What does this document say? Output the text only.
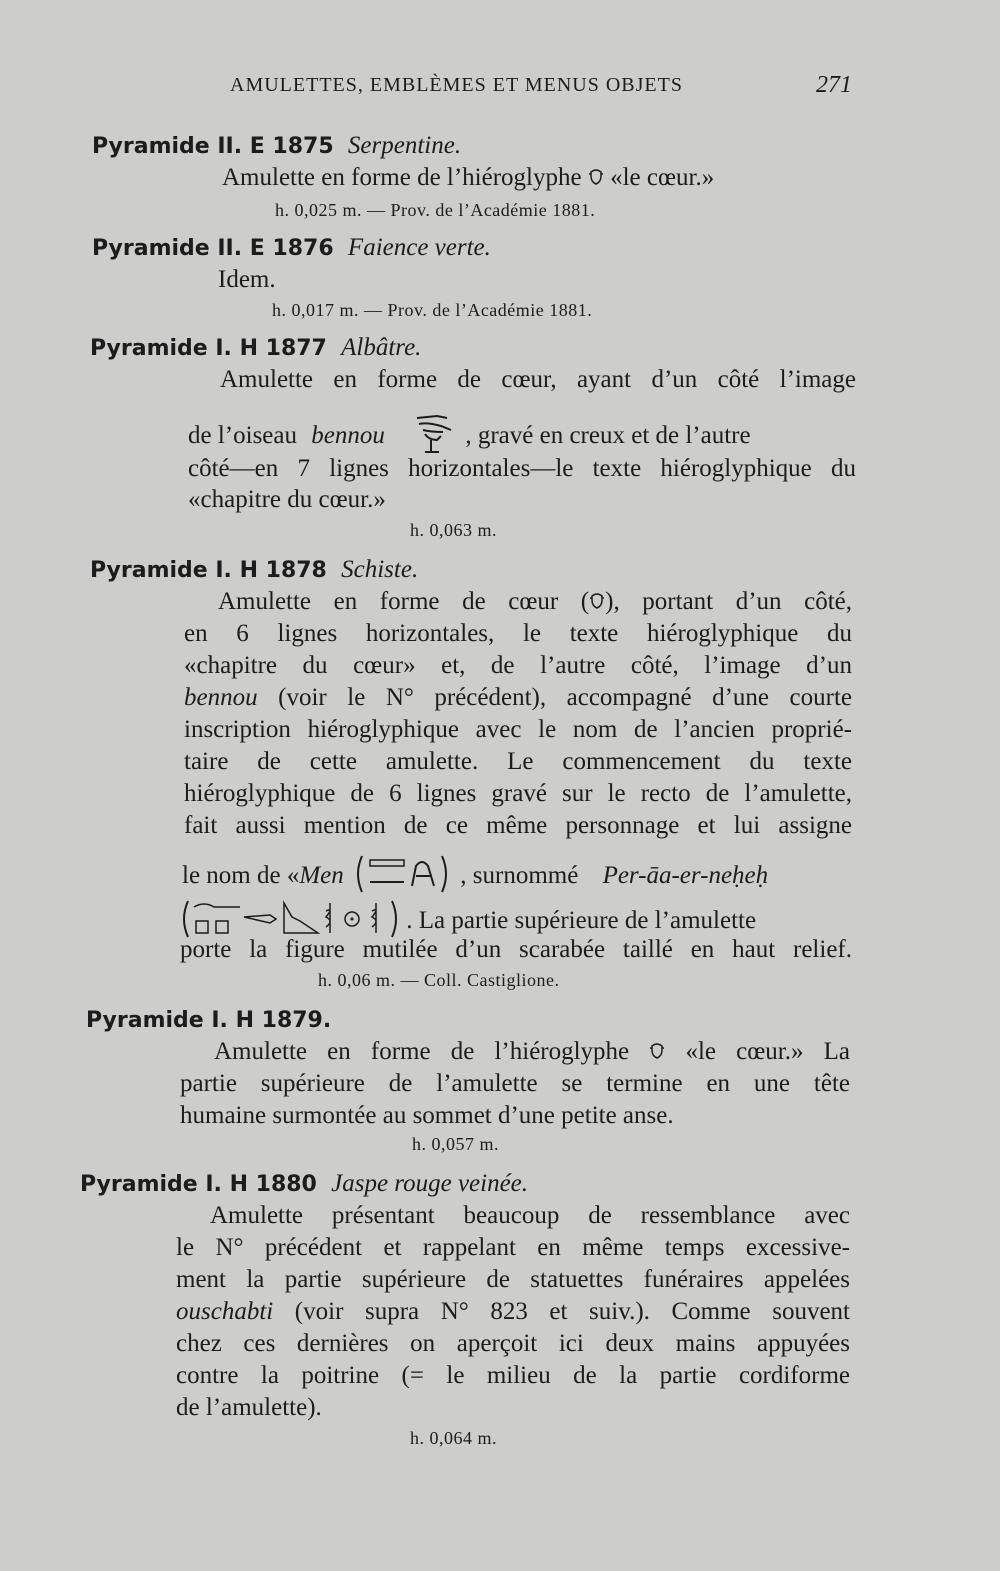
AMULETTES, EMBLÈMES ET MENUS OBJETS	271
Pyramide II. E 1875 Serpentine.
Amulette en forme de l’hiéroglyphe «le cœur.»
h. 0,025 m. — Prov. de l’Académie 1881.
Pyramide II. E 1876 Faience verte.
Idem.
h. 0,017 m. — Prov. de l’Académie 1881.
Pyramide I. H 1877 Albâtre.
Amulette en forme de cœur, ayant d’un côté l’image
de l’oiseau bennou	, gravé en creux et de l’autre
côté—en 7 lignes horizontales—le texte hiéroglyphique du
«chapitre du cœur.»
h. 0,063 m.
Pyramide I. H 1878 Schiste.
Amulette en forme de cœur ( ), portant d’un côté,
en 6 lignes horizontales, le texte hiéroglyphique du
«chapitre du cœur» et, de l’autre côté, l’image d’un
bennou (voir le N° précédent), accompagné d’une courte
inscription hiéroglyphique avec le nom de l’ancien proprié-
taire de cette amulette. Le commencement du texte
hiéroglyphique de 6 lignes gravé sur le recto de l’amulette,
fait aussi mention de ce même personnage et lui assigne
le nom de «Men	, surnommé Per-āa-er-neḥeḥ
. La partie supérieure de l’amulette
porte la figure mutilée d’un scarabée taillé en haut relief.
h. 0,06 m. — Coll. Castiglione.
Pyramide I. H 1879.
Amulette en forme de l’hiéroglyphe «le cœur.» La
partie supérieure de l’amulette se termine en une tête
humaine surmontée au sommet d’une petite anse.
h. 0,057 m.
Pyramide I. H 1880 Jaspe rouge veinée.
Amulette présentant beaucoup de ressemblance avec
le N° précédent et rappelant en même temps excessive-
ment la partie supérieure de statuettes funéraires appelées
ouschabti (voir supra N° 823 et suiv.). Comme souvent
chez ces dernières on aperçoit ici deux mains appuyées
contre la poitrine (= le milieu de la partie cordiforme
de l’amulette).
h. 0,064 m.
